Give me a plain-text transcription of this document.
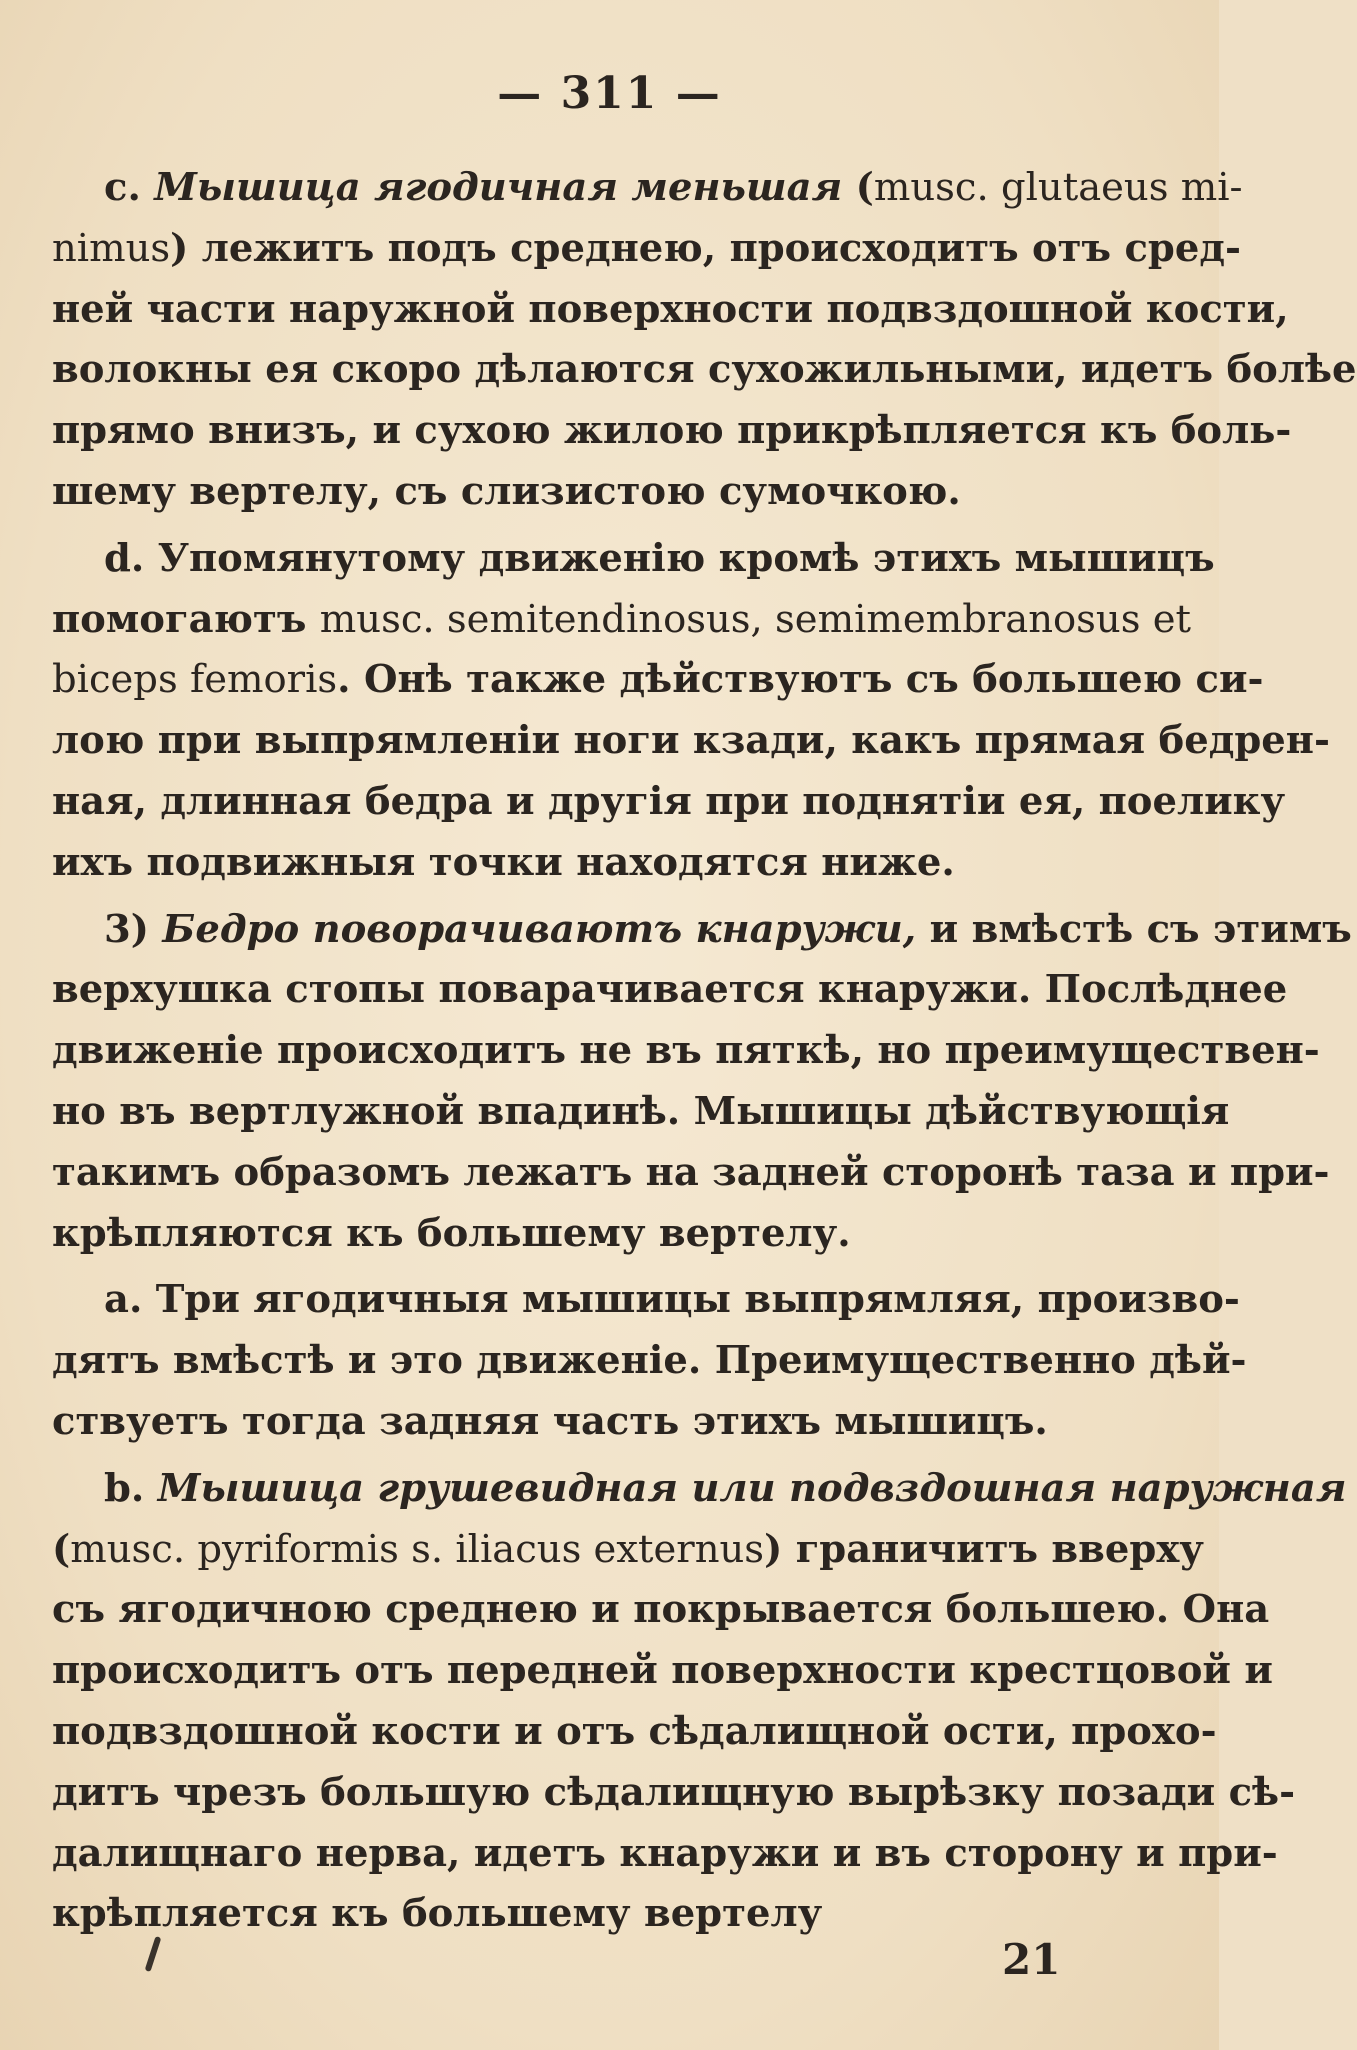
— 311 —
c. Мышица ягодичная меньшая (musc. glutaeus mi-
nimus) лежитъ подъ среднею, происходитъ отъ сред-
ней части наружной поверхности подвздошной кости,
волокны ея скоро дѣлаются сухожильными, идетъ болѣе
прямо внизъ, и сухою жилою прикрѣпляется къ боль-
шему вертелу, съ слизистою сумочкою.
d. Упомянутому движенію кромѣ этихъ мышицъ
помогаютъ musc. semitendinosus, semimembranosus et
biceps femoris. Онѣ также дѣйствуютъ съ большею си-
лою при выпрямленіи ноги кзади, какъ прямая бедрен-
ная, длинная бедра и другія при поднятіи ея, поелику
ихъ подвижныя точки находятся ниже.
3) Бедро поворачиваютъ кнаружи, и вмѣстѣ съ этимъ
верхушка стопы поварачивается кнаружи. Послѣднее
движеніе происходитъ не въ пяткѣ, но преимуществен-
но въ вертлужной впадинѣ. Мышицы дѣйствующія
такимъ образомъ лежатъ на задней сторонѣ таза и при-
крѣпляются къ большему вертелу.
a. Три ягодичныя мышицы выпрямляя, произво-
дятъ вмѣстѣ и это движеніе. Преимущественно дѣй-
ствуетъ тогда задняя часть этихъ мышицъ.
b. Мышица грушевидная или подвздошная наружная
(musc. pyriformis s. iliacus externus) граничитъ вверху
съ ягодичною среднею и покрывается большею. Она
происходитъ отъ передней поверхности крестцовой и
подвздошной кости и отъ сѣдалищной ости, прохо-
дитъ чрезъ большую сѣдалищную вырѣзку позади сѣ-
далищнаго нерва, идетъ кнаружи и въ сторону и при-
крѣпляется къ большему вертелу
21
